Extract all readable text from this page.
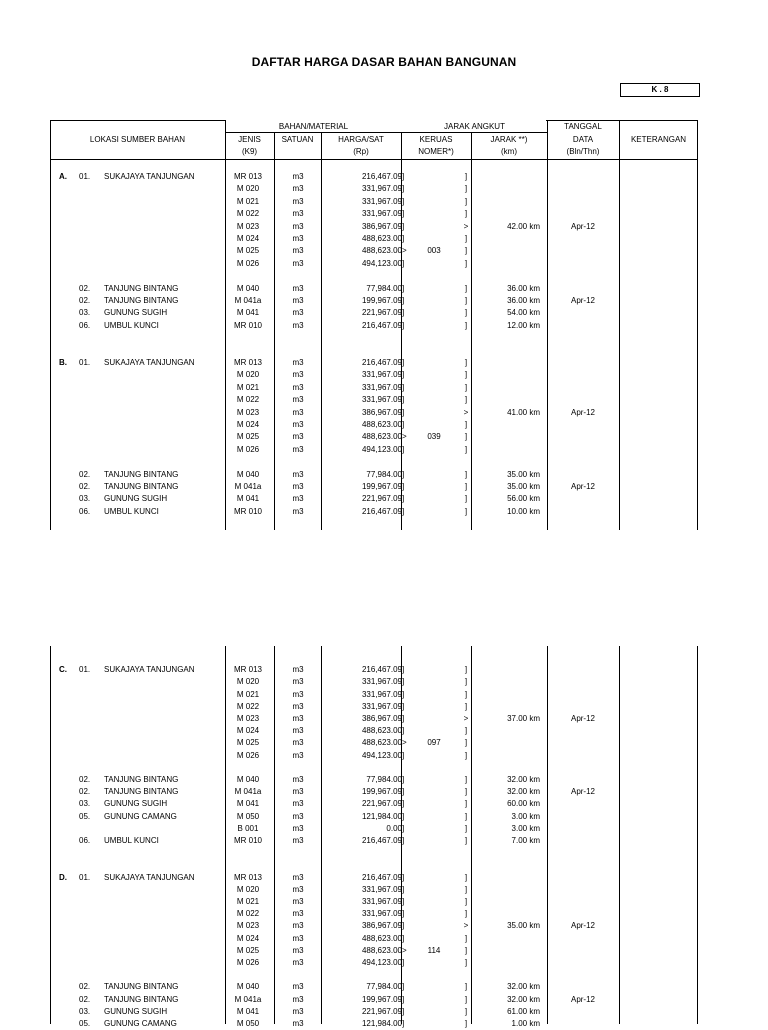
DAFTAR HARGA DASAR BAHAN BANGUNAN
K . 8
LOKASI SUMBER BAHAN
BAHAN/MATERIAL	JARAK ANGKUT
JENIS
(K9)
SATUAN	HARGA/SAT
(Rp)
KERUAS
NOMER*)
JARAK **)
(km)
TANGGAL
DATA
(Bln/Thn)
KETERANGAN
A. 01. SUKAJAYA TANJUNGAN	MR 013	m3	216,467.09 ]	]
M 020	m3	331,967.09 ]	]
M 021	m3	331,967.09 ]	]
M 022	m3	331,967.09 ]	]
M 023	m3	386,967.09 ]	>	42.00 km	Apr-12
M 024	m3	488,623.00 ]	]
M 025	m3	488,623.00 >	003	]
M 026	m3	494,123.00 ]	]
02. TANJUNG BINTANG	M 040	m3	77,984.00 ]	]	36.00 km
02. TANJUNG BINTANG	M 041a	m3	199,967.09 ]	]	36.00 km	Apr-12
03. GUNUNG SUGIH	M 041	m3	221,967.09 ]	]	54.00 km
06. UMBUL KUNCI	MR 010	m3	216,467.09 ]	]	12.00 km
B. 01. SUKAJAYA TANJUNGAN	MR 013	m3	216,467.09 ]	]
M 020	m3	331,967.09 ]	]
M 021	m3	331,967.09 ]	]
M 022	m3	331,967.09 ]	]
M 023	m3	386,967.09 ]	>	41.00 km	Apr-12
M 024	m3	488,623.00 ]	]
M 025	m3	488,623.00 >	039	]
M 026	m3	494,123.00 ]	]
02. TANJUNG BINTANG	M 040	m3	77,984.00 ]	]	35.00 km
02. TANJUNG BINTANG	M 041a	m3	199,967.09 ]	]	35.00 km	Apr-12
03. GUNUNG SUGIH	M 041	m3	221,967.09 ]	]	56.00 km
06. UMBUL KUNCI	MR 010	m3	216,467.09 ]	]	10.00 km
C. 01. SUKAJAYA TANJUNGAN	MR 013	m3	216,467.09 ]	]
M 020	m3	331,967.09 ]	]
M 021	m3	331,967.09 ]	]
M 022	m3	331,967.09 ]	]
M 023	m3	386,967.09 ]	>	37.00 km	Apr-12
M 024	m3	488,623.00 ]	]
M 025	m3	488,623.00 >	097	]
M 026	m3	494,123.00 ]	]
02. TANJUNG BINTANG	M 040	m3	77,984.00 ]	]	32.00 km
02. TANJUNG BINTANG	M 041a	m3	199,967.09 ]	]	32.00 km	Apr-12
03. GUNUNG SUGIH	M 041	m3	221,967.09 ]	]	60.00 km
05. GUNUNG CAMANG	M 050	m3	121,984.00 ]	]	3.00 km
B 001	m3	0.00 ]	]	3.00 km
06. UMBUL KUNCI	MR 010	m3	216,467.09 ]	]	7.00 km
D. 01. SUKAJAYA TANJUNGAN	MR 013	m3	216,467.09 ]	]
M 020	m3	331,967.09 ]	]
M 021	m3	331,967.09 ]	]
M 022	m3	331,967.09 ]	]
M 023	m3	386,967.09 ]	>	35.00 km	Apr-12
M 024	m3	488,623.00 ]	]
M 025	m3	488,623.00 >	114	]
M 026	m3	494,123.00 ]	]
02. TANJUNG BINTANG	M 040	m3	77,984.00 ]	]	32.00 km
02. TANJUNG BINTANG	M 041a	m3	199,967.09 ]	]	32.00 km	Apr-12
03. GUNUNG SUGIH	M 041	m3	221,967.09 ]	]	61.00 km
05. GUNUNG CAMANG	M 050	m3	121,984.00 ]	]	1.00 km
